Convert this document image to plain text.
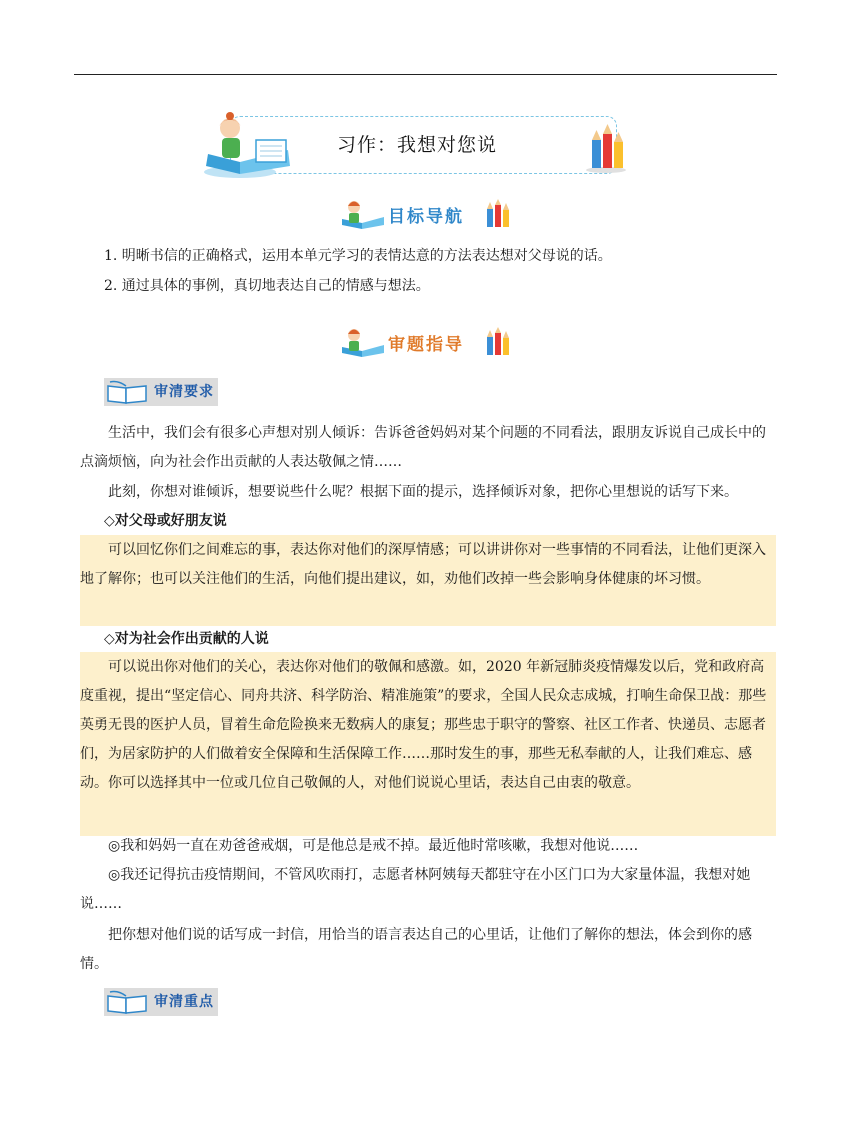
习作：我想对您说
目标导航
1. 明晰书信的正确格式，运用本单元学习的表情达意的方法表达想对父母说的话。
2. 通过具体的事例，真切地表达自己的情感与想法。
审题指导
审清要求
生活中，我们会有很多心声想对别人倾诉：告诉爸爸妈妈对某个问题的不同看法，跟朋友诉说自己成长中的点滴烦恼，向为社会作出贡献的人表达敬佩之情……
此刻，你想对谁倾诉，想要说些什么呢？根据下面的提示，选择倾诉对象，把你心里想说的话写下来。
◇对父母或好朋友说
可以回忆你们之间难忘的事，表达你对他们的深厚情感；可以讲讲你对一些事情的不同看法，让他们更深入地了解你；也可以关注他们的生活，向他们提出建议，如，劝他们改掉一些会影响身体健康的坏习惯。
◇对为社会作出贡献的人说
可以说出你对他们的关心，表达你对他们的敬佩和感激。如，2020 年新冠肺炎疫情爆发以后，党和政府高度重视，提出“坚定信心、同舟共济、科学防治、精准施策”的要求，全国人民众志成城，打响生命保卫战：那些英勇无畏的医护人员，冒着生命危险换来无数病人的康复；那些忠于职守的警察、社区工作者、快递员、志愿者们，为居家防护的人们做着安全保障和生活保障工作……那时发生的事，那些无私奉献的人，让我们难忘、感动。你可以选择其中一位或几位自己敬佩的人，对他们说说心里话，表达自己由衷的敬意。
◎我和妈妈一直在劝爸爸戒烟，可是他总是戒不掉。最近他时常咳嗽，我想对他说……
◎我还记得抗击疫情期间，不管风吹雨打，志愿者林阿姨每天都驻守在小区门口为大家量体温，我想对她说……
把你想对他们说的话写成一封信，用恰当的语言表达自己的心里话，让他们了解你的想法，体会到你的感情。
审清重点
